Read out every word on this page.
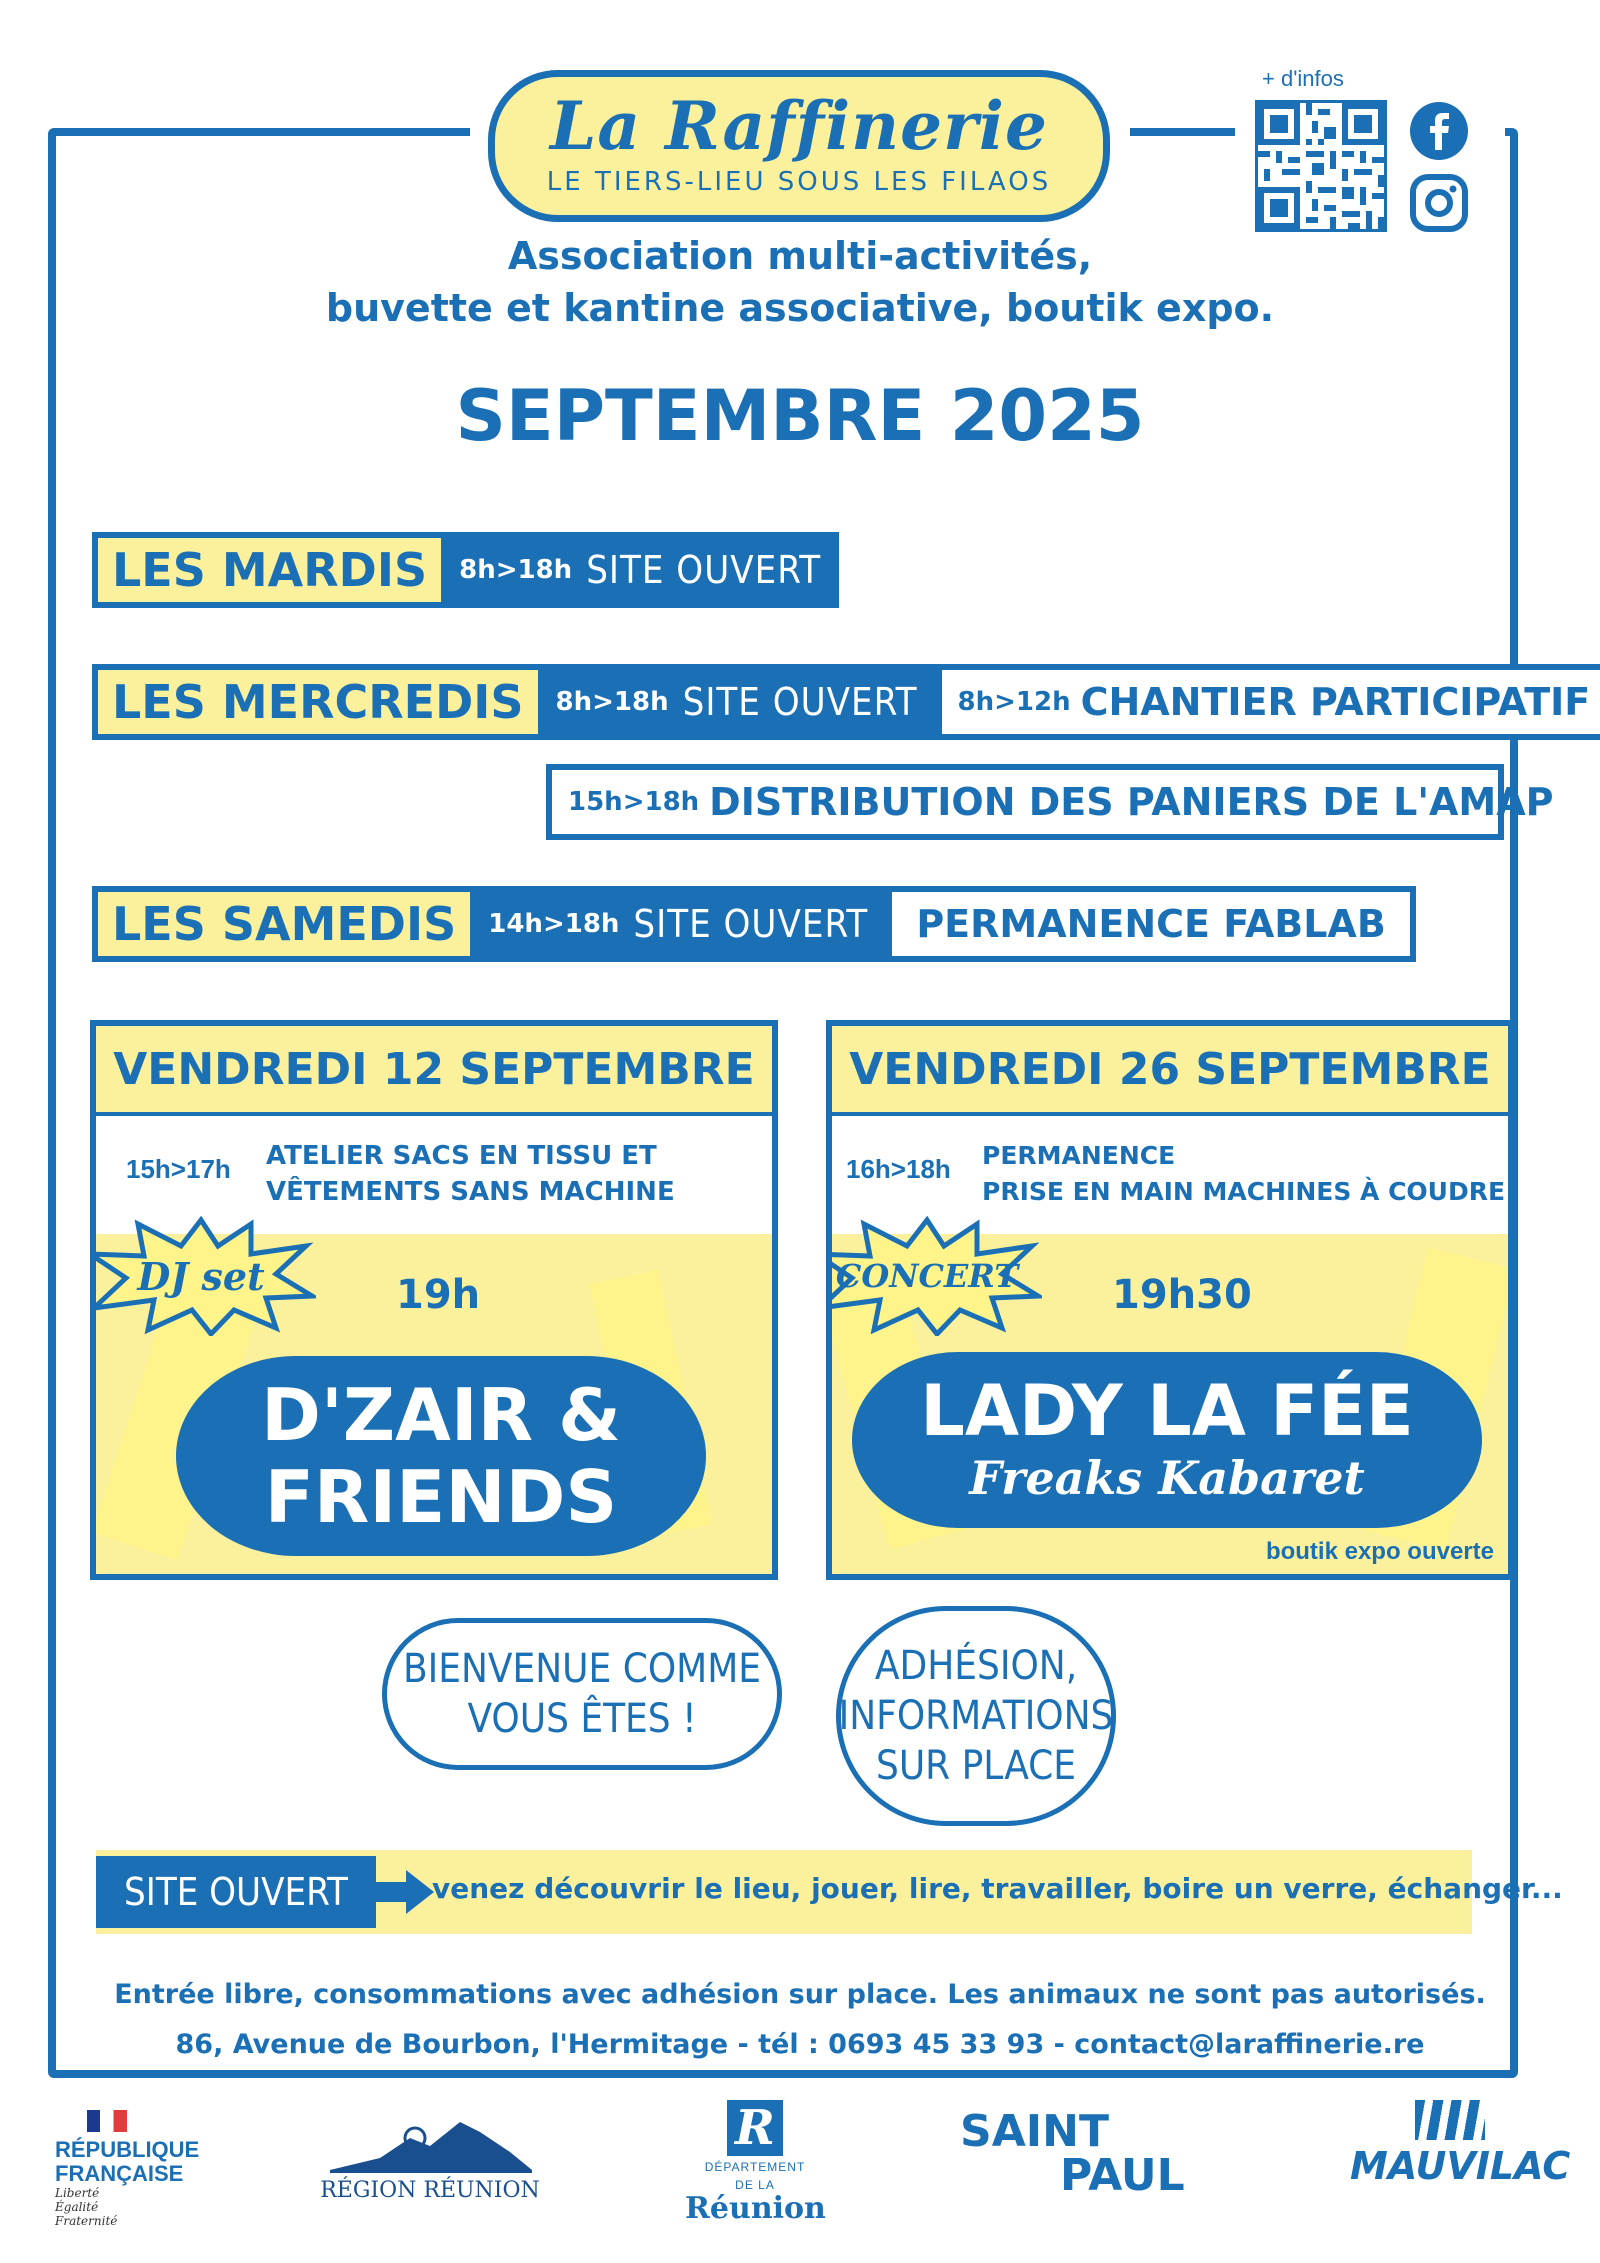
La Raffinerie
LE TIERS-LIEU SOUS LES FILAOS
+ d'infos
Association multi-activités,
buvette et kantine associative, boutik expo.
SEPTEMBRE 2025
LES MARDIS	8h>18h SITE OUVERT
LES MERCREDIS	8h>18h SITE OUVERT 8h>12h CHANTIER PARTICIPATIF
15h>18h DISTRIBUTION DES PANIERS DE L'AMAP
LES SAMEDIS	14h>18h SITE OUVERT PERMANENCE FABLAB
VENDREDI 12 SEPTEMBRE
15h>17h ATELIER SACS EN TISSU ET
VÊTEMENTS SANS MACHINE
DJ set	19h
D'ZAIR &
FRIENDS
VENDREDI 26 SEPTEMBRE
16h>18h PERMANENCE
PRISE EN MAIN MACHINES À COUDRE
CONCERT	19h30
LADY LA FÉE
Freaks Kabaret
boutik expo ouverte
BIENVENUE COMME
VOUS ÊTES !
ADHÉSION,
INFORMATIONS
SUR PLACE
SITE OUVERT	venez découvrir le lieu, jouer, lire, travailler, boire un verre, échanger...
Entrée libre, consommations avec adhésion sur place. Les animaux ne sont pas autorisés.
86, Avenue de Bourbon, l'Hermitage - tél : 0693 45 33 93 - contact@laraffinerie.re
RÉPUBLIQUE
FRANÇAISE
Liberté
Égalité
Fraternité
RÉGION RÉUNION
R
DÉPARTEMENT
DE LA
Réunion
SAINT
PAUL	MAUVILAC
